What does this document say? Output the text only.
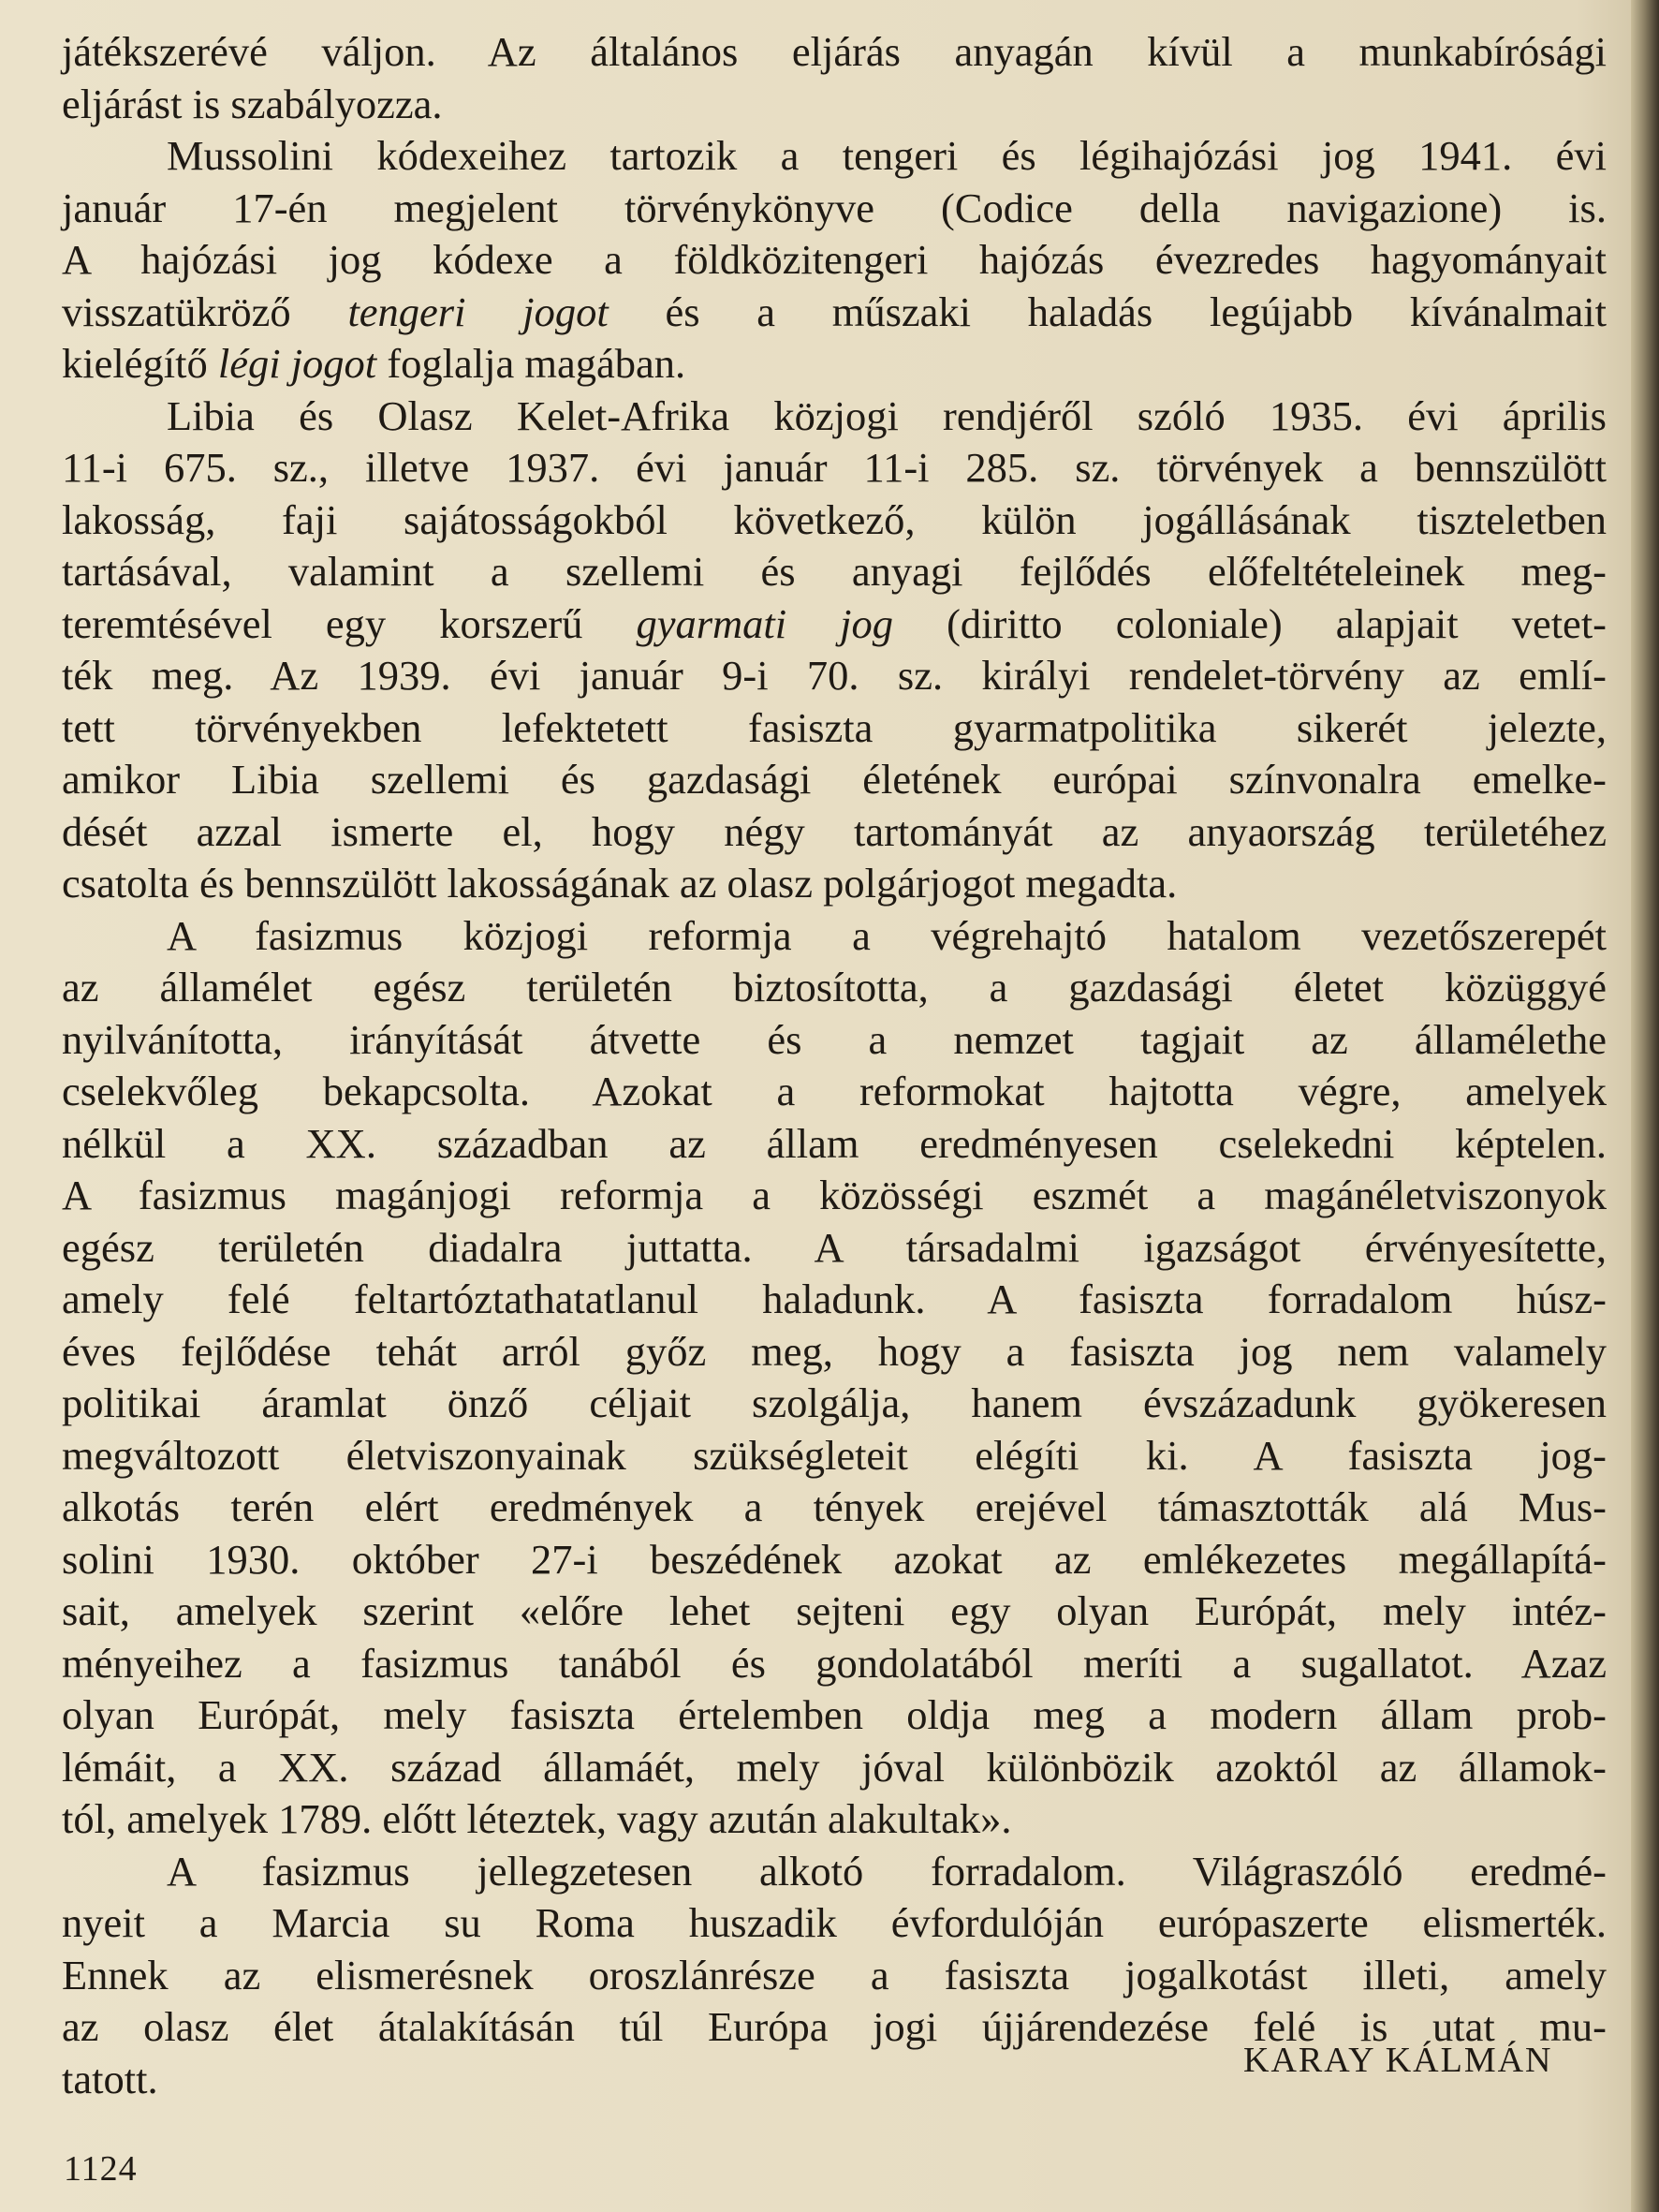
játékszerévé váljon. Az általános eljárás anyagán kívül a munkabírósági
eljárást is szabályozza.
Mussolini kódexeihez tartozik a tengeri és légihajózási jog 1941. évi
január 17-én megjelent törvénykönyve (Codice della navigazione) is.
A hajózási jog kódexe a földközitengeri hajózás évezredes hagyományait
visszatükröző tengeri jogot és a műszaki haladás legújabb kívánalmait
kielégítő légi jogot foglalja magában.
Libia és Olasz Kelet-Afrika közjogi rendjéről szóló 1935. évi április
11-i 675. sz., illetve 1937. évi január 11-i 285. sz. törvények a bennszülött
lakosság, faji sajátosságokból következő, külön jogállásának tiszteletben
tartásával, valamint a szellemi és anyagi fejlődés előfeltételeinek meg-
teremtésével egy korszerű gyarmati jog (diritto coloniale) alapjait vetet-
ték meg. Az 1939. évi január 9-i 70. sz. királyi rendelet-törvény az emlí-
tett törvényekben lefektetett fasiszta gyarmatpolitika sikerét jelezte,
amikor Libia szellemi és gazdasági életének európai színvonalra emelke-
dését azzal ismerte el, hogy négy tartományát az anyaország területéhez
csatolta és bennszülött lakosságának az olasz polgárjogot megadta.
A fasizmus közjogi reformja a végrehajtó hatalom vezetőszerepét
az államélet egész területén biztosította, a gazdasági életet közüggyé
nyilvánította, irányítását átvette és a nemzet tagjait az államélethe
cselekvőleg bekapcsolta. Azokat a reformokat hajtotta végre, amelyek
nélkül a XX. században az állam eredményesen cselekedni képtelen.
A fasizmus magánjogi reformja a közösségi eszmét a magánéletviszonyok
egész területén diadalra juttatta. A társadalmi igazságot érvényesítette,
amely felé feltartóztathatatlanul haladunk. A fasiszta forradalom húsz-
éves fejlődése tehát arról győz meg, hogy a fasiszta jog nem valamely
politikai áramlat önző céljait szolgálja, hanem évszázadunk gyökeresen
megváltozott életviszonyainak szükségleteit elégíti ki. A fasiszta jog-
alkotás terén elért eredmények a tények erejével támasztották alá Mus-
solini 1930. október 27-i beszédének azokat az emlékezetes megállapítá-
sait, amelyek szerint «előre lehet sejteni egy olyan Európát, mely intéz-
ményeihez a fasizmus tanából és gondolatából meríti a sugallatot. Azaz
olyan Európát, mely fasiszta értelemben oldja meg a modern állam prob-
lémáit, a XX. század államáét, mely jóval különbözik azoktól az államok-
tól, amelyek 1789. előtt léteztek, vagy azután alakultak».
A fasizmus jellegzetesen alkotó forradalom. Világraszóló eredmé-
nyeit a Marcia su Roma huszadik évfordulóján európaszerte elismerték.
Ennek az elismerésnek oroszlánrésze a fasiszta jogalkotást illeti, amely
az olasz élet átalakításán túl Európa jogi újjárendezése felé is utat mu-
tatott.	KARAY KÁLMÁN
1124
